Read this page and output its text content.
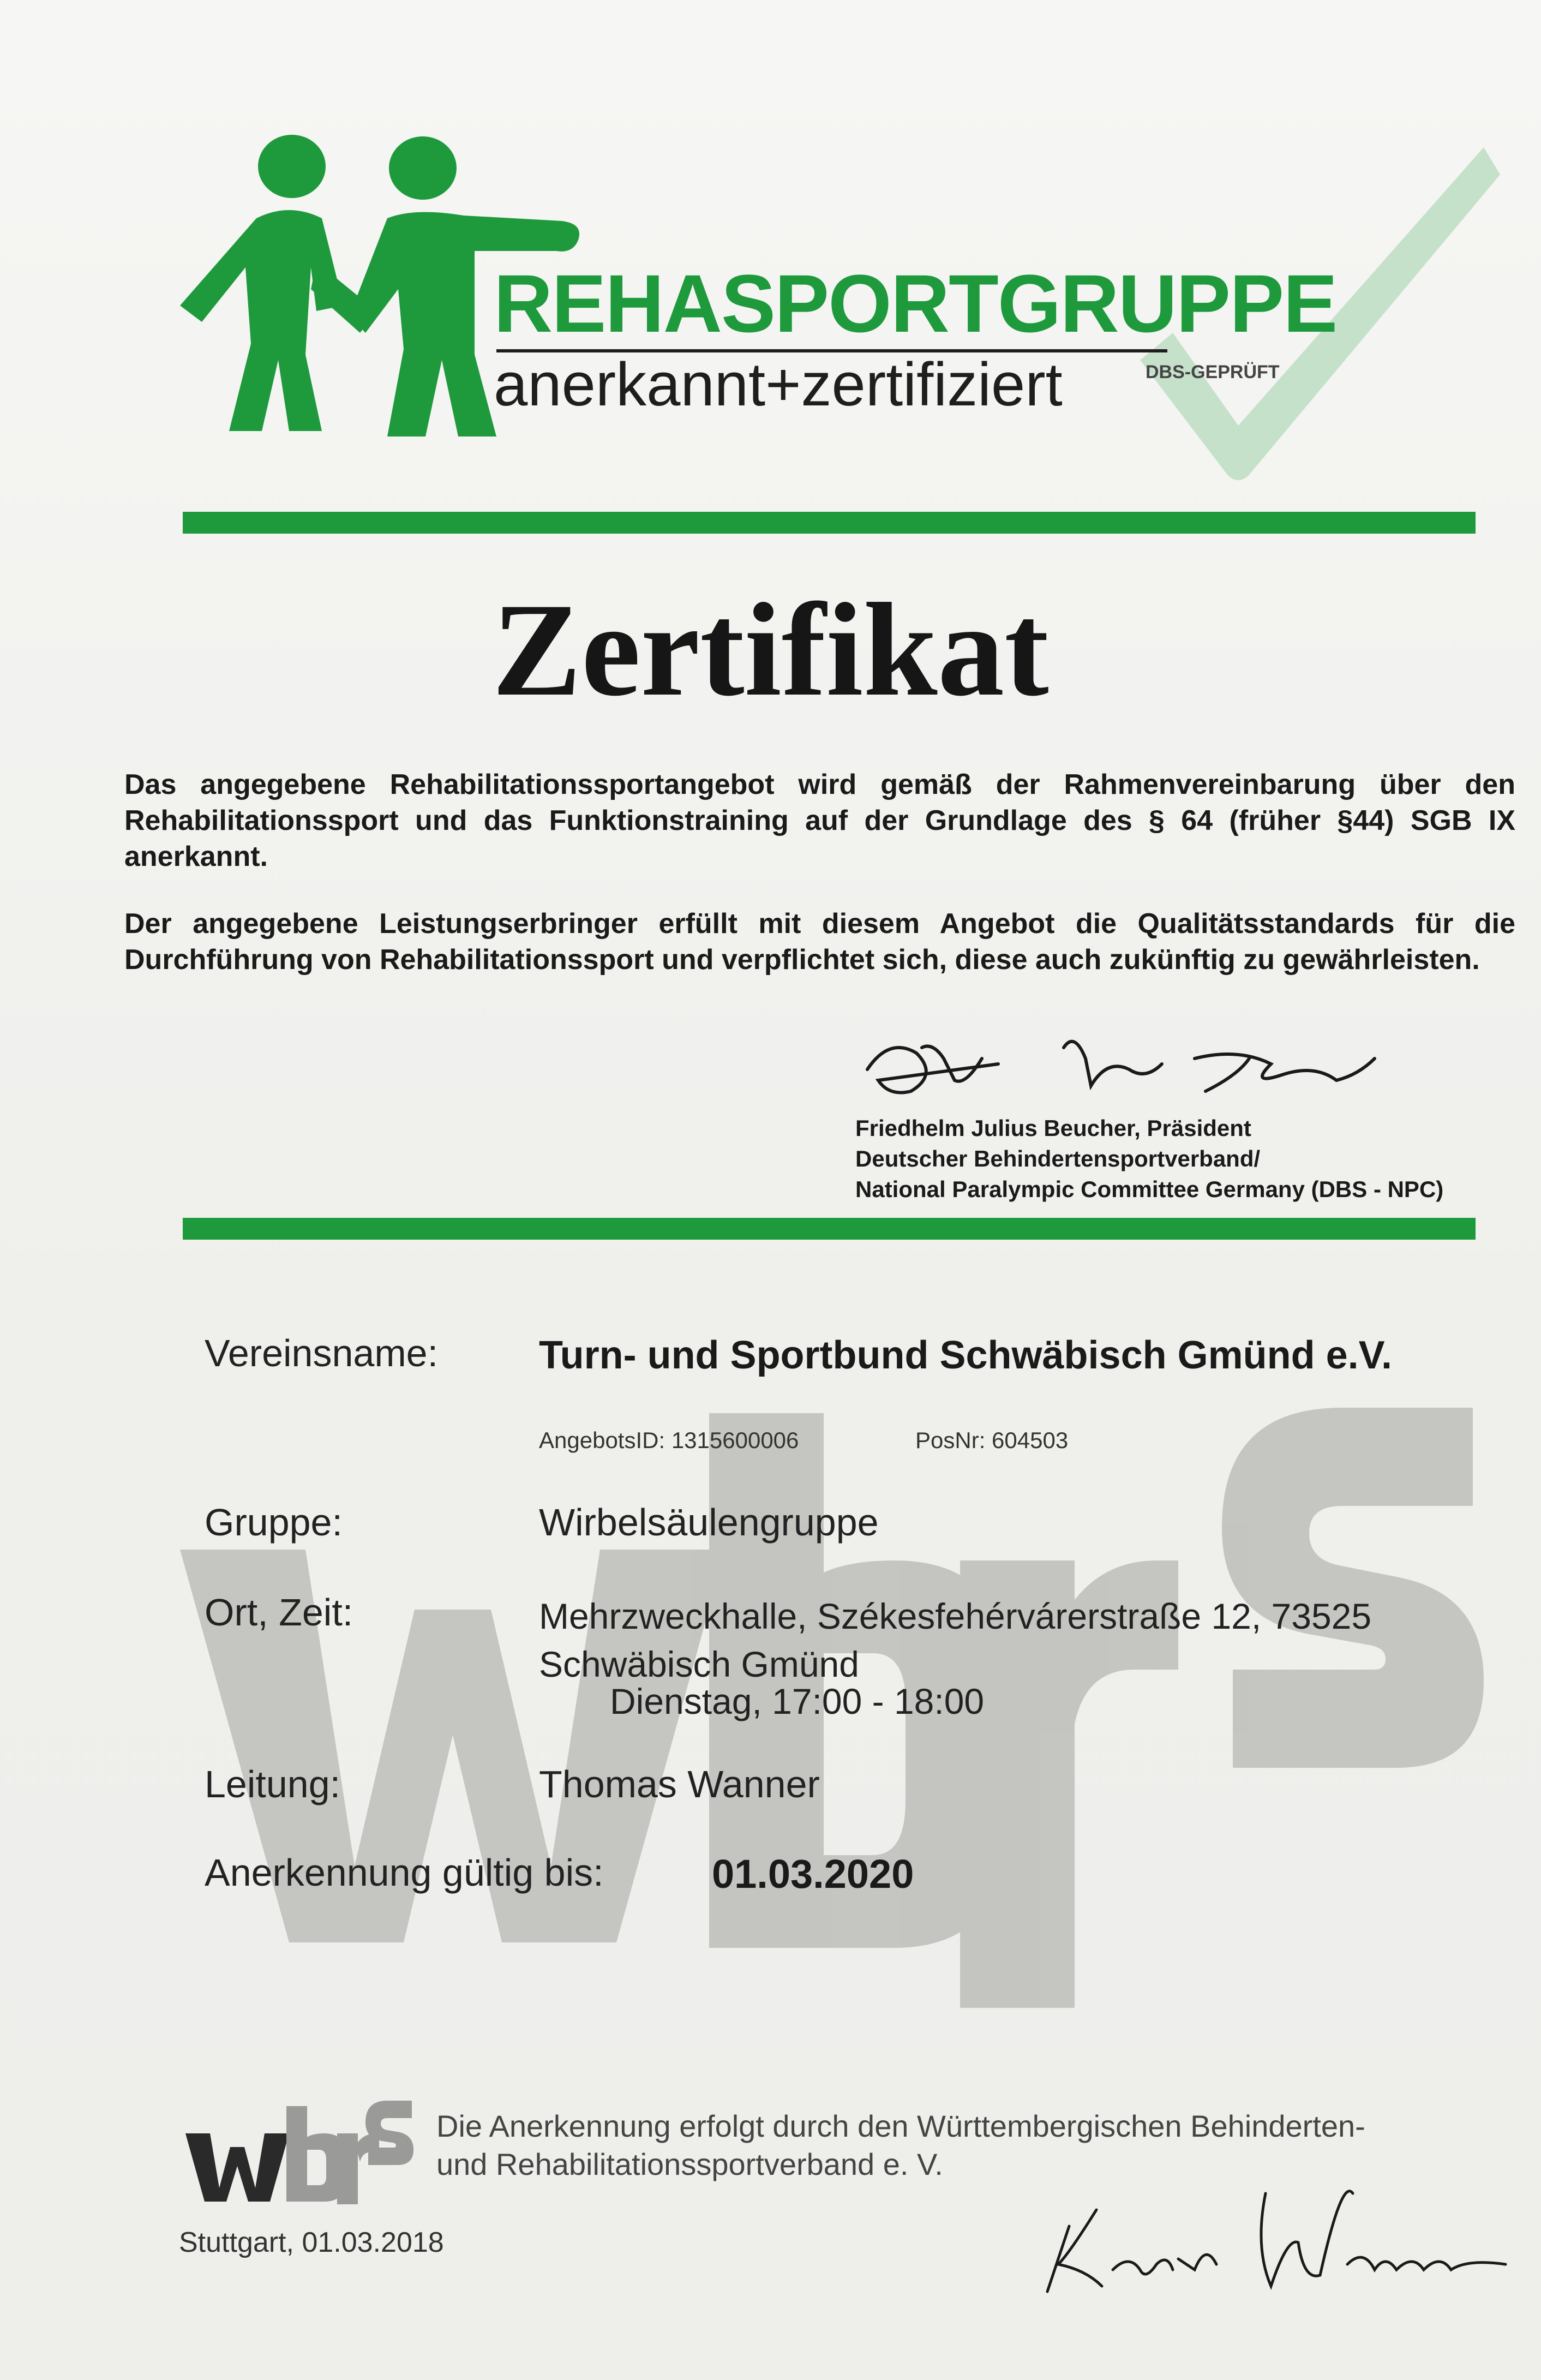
REHASPORTGRUPPE
anerkannt+zertifiziert	DBS-GEPRÜFT
Zertifikat
Das angegebene Rehabilitationssportangebot wird gemäß der Rahmenvereinbarung über den Rehabilitationssport und das Funktionstraining auf der Grundlage des § 64 (früher §44) SGB IX anerkannt.
Der angegebene Leistungserbringer erfüllt mit diesem Angebot die Qualitätsstandards für die Durchführung von Rehabilitationssport und verpflichtet sich, diese auch zukünftig zu gewährleisten.
Friedhelm Julius Beucher, Präsident
Deutscher Behindertensportverband/
National Paralympic Committee Germany (DBS - NPC)
Vereinsname:	Turn- und Sportbund Schwäbisch Gmünd e.V.
AngebotsID: 1315600006	PosNr: 604503
Gruppe:	Wirbelsäulengruppe
Ort, Zeit:	Mehrzweckhalle, Székesfehérvárerstraße 12, 73525
Schwäbisch Gmünd
Dienstag, 17:00 - 18:00
Leitung:	Thomas Wanner
Anerkennung gültig bis:	01.03.2020
Die Anerkennung erfolgt durch den Württembergischen Behinderten-
und Rehabilitationssportverband e. V.
Stuttgart, 01.03.2018
